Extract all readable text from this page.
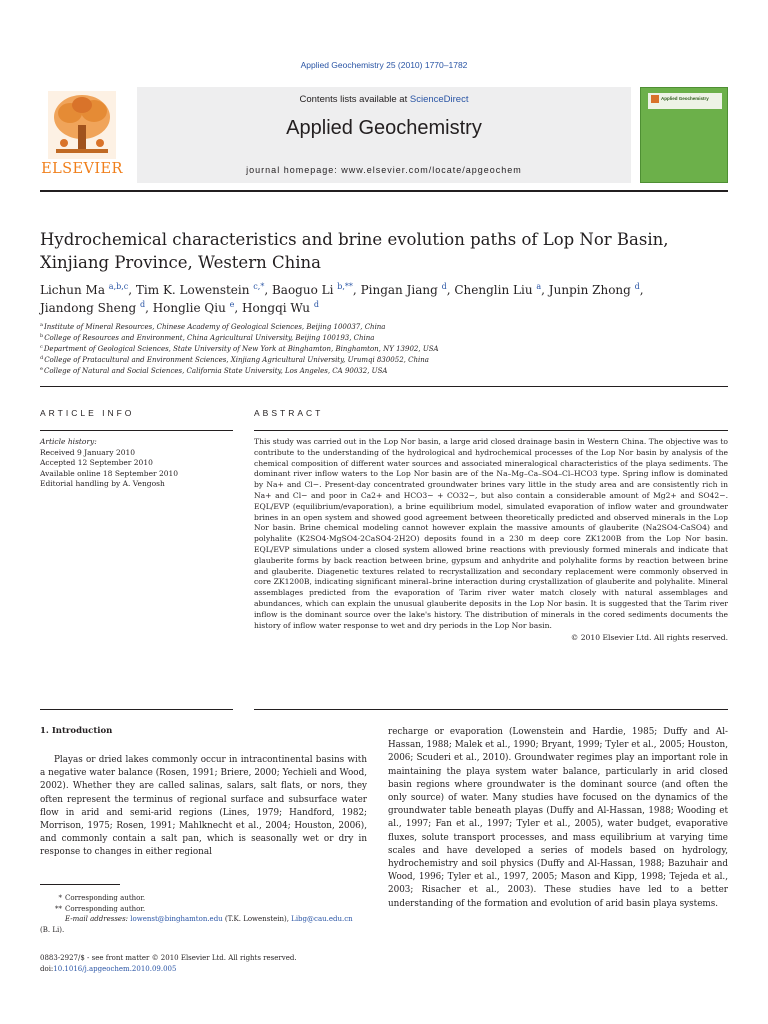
Applied Geochemistry 25 (2010) 1770–1782
ELSEVIER
Contents lists available at ScienceDirect
Applied Geochemistry
journal homepage: www.elsevier.com/locate/apgeochem
Applied Geochemistry
Hydrochemical characteristics and brine evolution paths of Lop Nor Basin, Xinjiang Province, Western China
Lichun Ma $^{a,b,c}$, Tim K. Lowenstein $^{c,*}$, Baoguo Li $^{b,**}$, Pingan Jiang $^d$, Chenglin Liu $^a$, Junpin Zhong $^d$,
Jiandong Sheng $^d$, Honglie Qiu $^e$, Hongqi Wu $^d$
$^a$Institute of Mineral Resources, Chinese Academy of Geological Sciences, Beijing 100037, China
$^b$College of Resources and Environment, China Agricultural University, Beijing 100193, China
$^c$Department of Geological Sciences, State University of New York at Binghamton, Binghamton, NY 13902, USA
$^d$College of Pratacultural and Environment Sciences, Xinjiang Agricultural University, Urumqi 830052, China
$^e$College of Natural and Social Sciences, California State University, Los Angeles, CA 90032, USA
ARTICLE INFO
Article history:
Received 9 January 2010
Accepted 12 September 2010
Available online 18 September 2010
Editorial handling by A. Vengosh
ABSTRACT

This study was carried out in the Lop Nor basin, a large arid closed drainage basin in Western China. The objective was to contribute to the understanding of the hydrological and hydrochemical processes of the Lop Nor basin by analysis of the chemical composition of different water sources and associated mineralogical characteristics of the playa sediments. The dominant river inflow waters to the Lop Nor basin are of the Na–Mg–Ca–SO4–Cl–HCO3 type. Spring inflow is dominated by Na+ and Cl−. Present-day concentrated groundwater brines vary little in the study area and are consistently rich in Na+ and Cl− and poor in Ca2+ and HCO3− + CO32−, but also contain a considerable amount of Mg2+ and SO42−. EQL/EVP (equilibrium/evaporation), a brine equilibrium model, simulated evaporation of inflow water and groundwater brines in an open system and showed good agreement between theoretically predicted and observed minerals in the Lop Nor basin. Brine chemical modeling cannot however explain the massive amounts of glauberite (Na2SO4·CaSO4) and polyhalite (K2SO4·MgSO4·2CaSO4·2H2O) deposits found in a 230 m deep core ZK1200B from the Lop Nor basin. EQL/EVP simulations under a closed system allowed brine reactions with previously formed minerals and indicate that glauberite forms by back reaction between brine, gypsum and anhydrite and polyhalite forms by reaction between brine and glauberite. Diagenetic textures related to recrystallization and secondary replacement were commonly observed in core ZK1200B, indicating significant mineral–brine interaction during crystallization of glauberite and polyhalite. Mineral assemblages predicted from the evaporation of Tarim river water match closely with natural assemblages and abundances, which can explain the unusual glauberite deposits in the Lop Nor basin. It is suggested that the Tarim river inflow is the dominant source over the lake's history. The distribution of minerals in the cored sediments documents the history of inflow water response to wet and dry periods in the Lop Nor basin.

© 2010 Elsevier Ltd. All rights reserved.
1. Introduction

Playas or dried lakes commonly occur in intracontinental basins with a negative water balance (Rosen, 1991; Briere, 2000; Yechieli and Wood, 2002). Whether they are called salinas, salars, salt flats, or nors, they often represent the terminus of regional surface and subsurface water flow in arid and semi-arid regions (Lines, 1979; Handford, 1982; Morrison, 1975; Rosen, 1991; Mahlknecht et al., 2004; Houston, 2006), and commonly contain a salt pan, which is seasonally wet or dry in response to changes in either regional

recharge or evaporation (Lowenstein and Hardie, 1985; Duffy and Al-Hassan, 1988; Malek et al., 1990; Bryant, 1999; Tyler et al., 2005; Houston, 2006; Scuderi et al., 2010). Groundwater regimes play an important role in maintaining the playa system water balance, particularly in arid closed basin regions where groundwater is the dominant source (and often the only source) of water. Many studies have focused on the dynamics of the groundwater table beneath playas (Duffy and Al-Hassan, 1988; Wooding et al., 1997; Fan et al., 1997; Tyler et al., 2005), water budget, evaporative fluxes, solute transport processes, and mass equilibrium at varying time scales and have developed a series of models based on hydrology, hydrochemistry and soil physics (Duffy and Al-Hassan, 1988; Bazuhair and Wood, 1996; Tyler et al., 1997, 2005; Mason and Kipp, 1998; Tejeda et al., 2003; Risacher et al., 2003). These studies have led to a better understanding of the formation and evolution of arid basin playa systems.

* Corresponding author.
** Corresponding author.
E-mail addresses: lowenst@binghamton.edu (T.K. Lowenstein), Libg@cau.edu.cn
(B. Li).
0883-2927/$ - see front matter © 2010 Elsevier Ltd. All rights reserved.
doi:10.1016/j.apgeochem.2010.09.005
